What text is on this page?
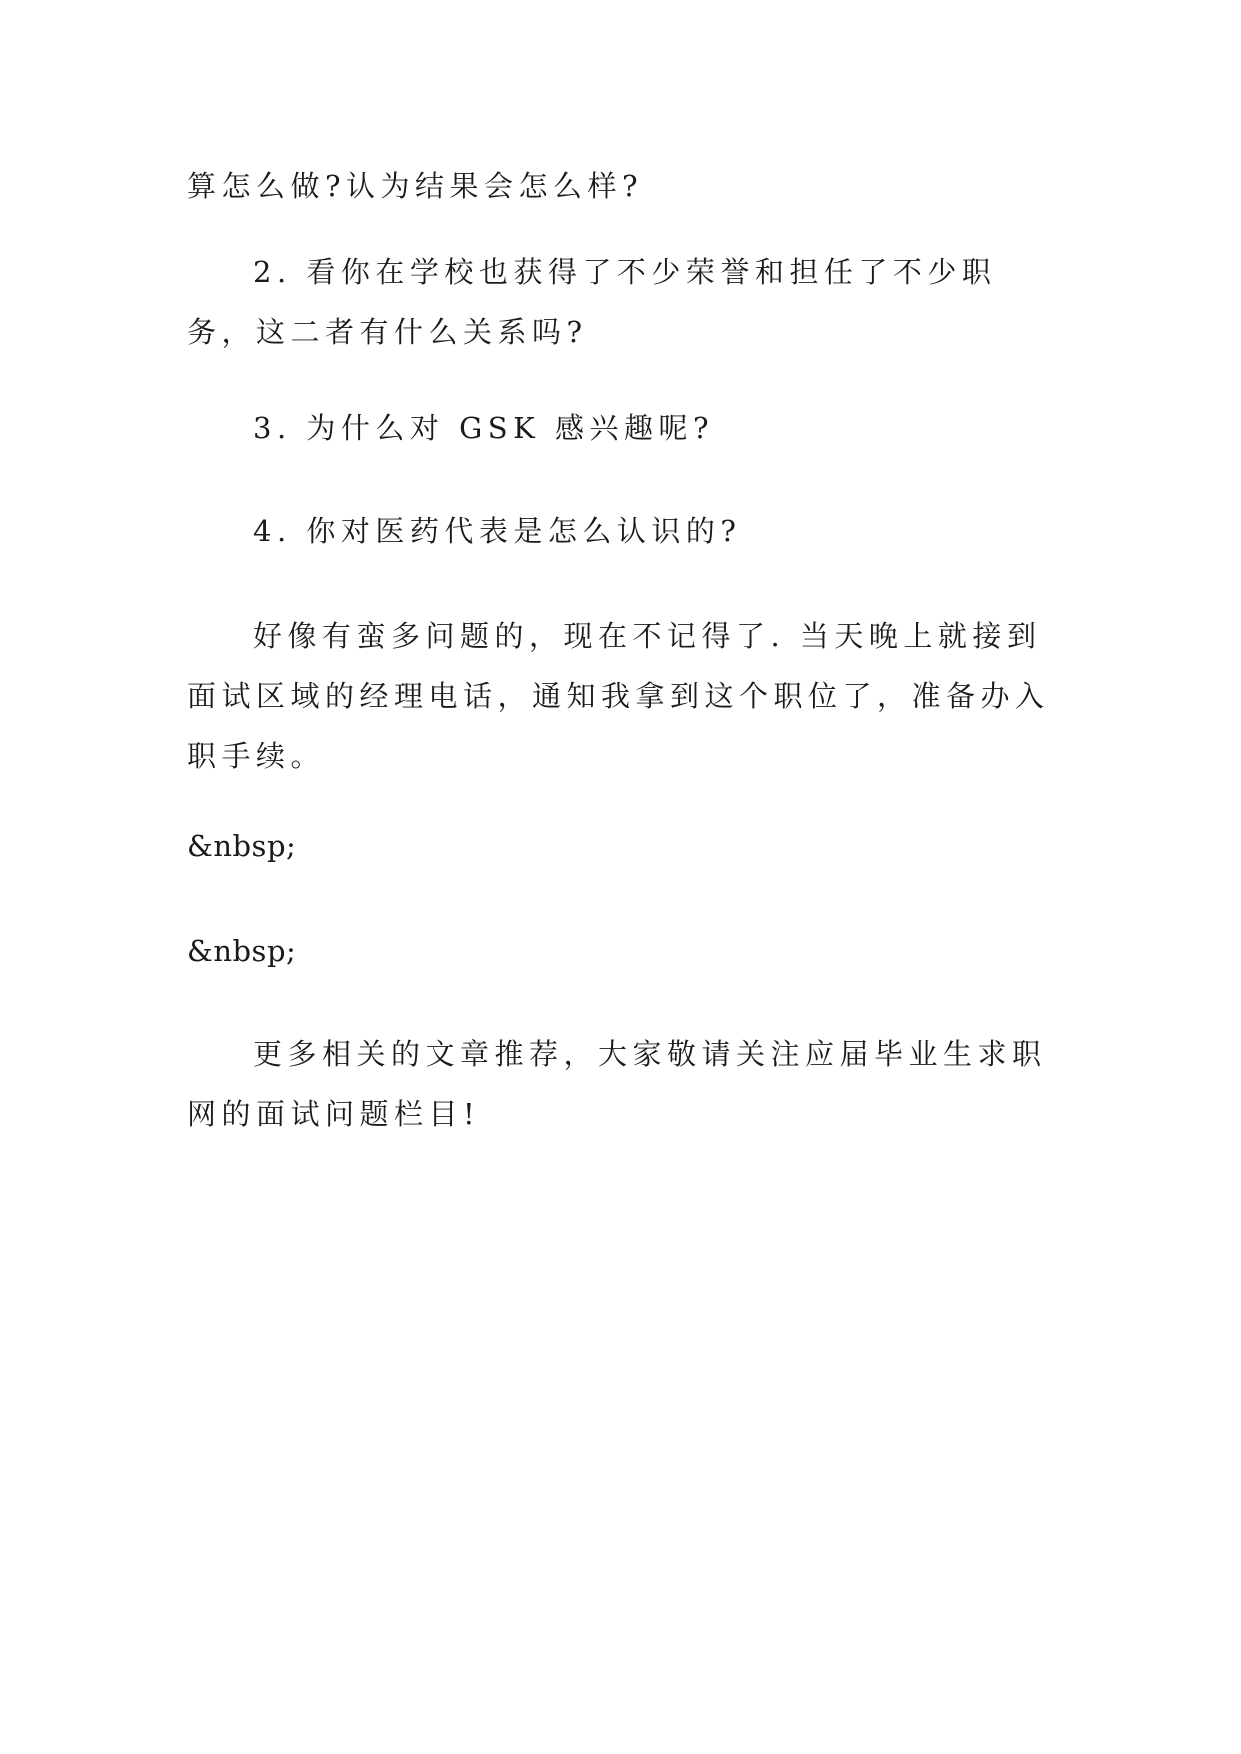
算怎么做?认为结果会怎么样?

2. 看你在学校也获得了不少荣誉和担任了不少职务，这二者有什么关系吗?

3. 为什么对 GSK 感兴趣呢?

4. 你对医药代表是怎么认识的?

好像有蛮多问题的，现在不记得了. 当天晚上就接到面试区域的经理电话，通知我拿到这个职位了，准备办入职手续。

&nbsp;

&nbsp;

更多相关的文章推荐，大家敬请关注应届毕业生求职网的面试问题栏目!
